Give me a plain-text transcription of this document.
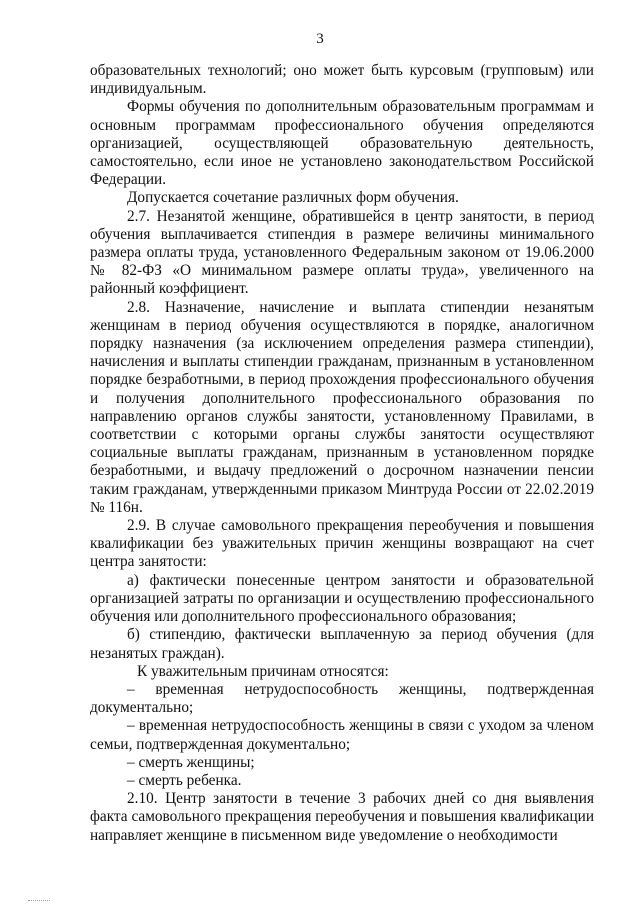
3

образовательных технологий; оно может быть курсовым (групповым) или индивидуальным.

Формы обучения по дополнительным образовательным программам и основным программам профессионального обучения определяются организацией, осуществляющей образовательную деятельность, самостоятельно, если иное не установлено законодательством Российской Федерации.

Допускается сочетание различных форм обучения.

2.7. Незанятой женщине, обратившейся в центр занятости, в период обучения выплачивается стипендия в размере величины минимального размера оплаты труда, установленного Федеральным законом от 19.06.2000 № 82-ФЗ «О минимальном размере оплаты труда», увеличенного на районный коэффициент.

2.8. Назначение, начисление и выплата стипендии незанятым женщинам в период обучения осуществляются в порядке, аналогичном порядку назначения (за исключением определения размера стипендии), начисления и выплаты стипендии гражданам, признанным в установленном порядке безработными, в период прохождения профессионального обучения и получения дополнительного профессионального образования по направлению органов службы занятости, установленному Правилами, в соответствии с которыми органы службы занятости осуществляют социальные выплаты гражданам, признанным в установленном порядке безработными, и выдачу предложений о досрочном назначении пенсии таким гражданам, утвержденными приказом Минтруда России от 22.02.2019 № 116н.

2.9. В случае самовольного прекращения переобучения и повышения квалификации без уважительных причин женщины возвращают на счет центра занятости:

а) фактически понесенные центром занятости и образовательной организацией затраты по организации и осуществлению профессионального обучения или дополнительного профессионального образования;

б) стипендию, фактически выплаченную за период обучения (для незанятых граждан).

К уважительным причинам относятся:

– временная нетрудоспособность женщины, подтвержденная документально;

– временная нетрудоспособность женщины в связи с уходом за членом семьи, подтвержденная документально;

– смерть женщины;

– смерть ребенка.

2.10. Центр занятости в течение 3 рабочих дней со дня выявления факта самовольного прекращения переобучения и повышения квалификации направляет женщине в письменном виде уведомление о необходимости
